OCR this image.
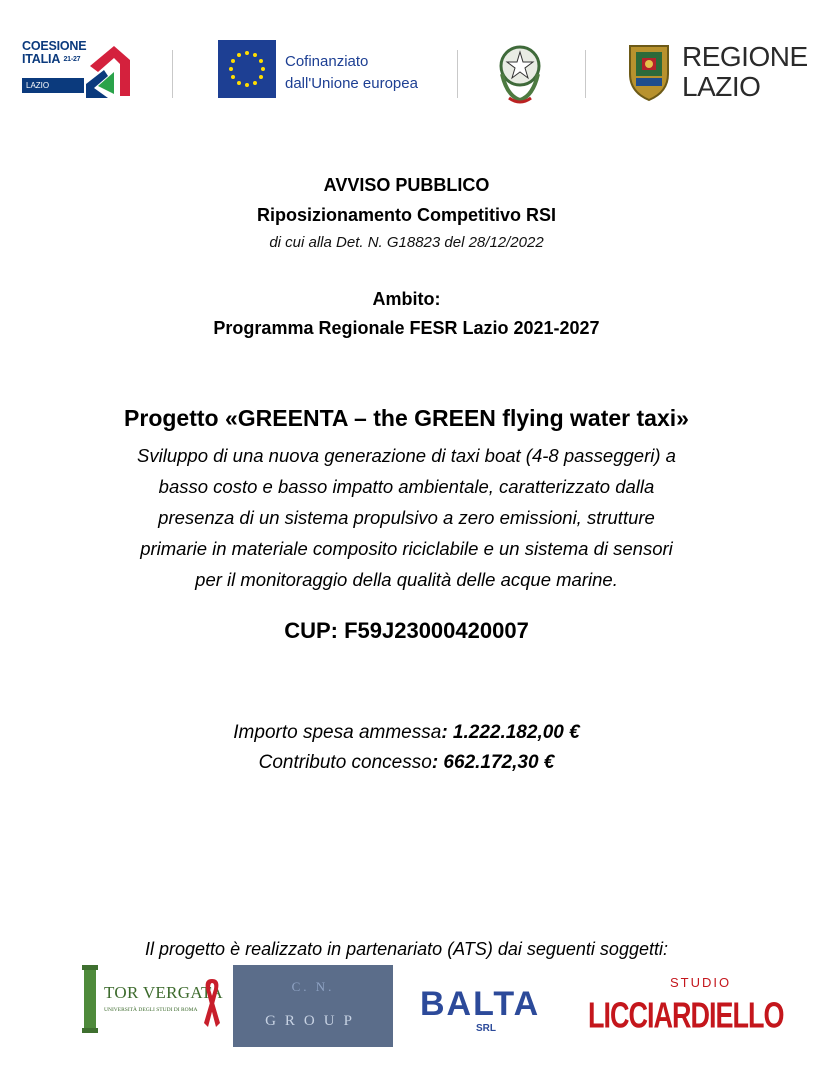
COESIONE
ITALIA $^{21-27}$
LAZIO
Cofinanziato
dall'Unione europea
REGIONE
LAZIO
AVVISO PUBBLICO
Riposizionamento Competitivo RSI
di cui alla Det. N. G18823 del 28/12/2022
Ambito:
Programma Regionale FESR Lazio 2021-2027
Progetto «GREENTA – the GREEN flying water taxi»
Sviluppo di una nuova generazione di taxi boat (4-8 passeggeri) a
basso costo e basso impatto ambientale, caratterizzato dalla
presenza di un sistema propulsivo a zero emissioni, strutture
primarie in materiale composito riciclabile e un sistema di sensori
per il monitoraggio della qualità delle acque marine.
CUP: F59J23000420007
Importo spesa ammessa: 1.222.182,00 €
Contributo concesso: 662.172,30 €
Il progetto è realizzato in partenariato (ATS) dai seguenti soggetti:
TOR VERGATA
UNIVERSITÀ DEGLI STUDI DI ROMA
C. N.
GROUP	BALTA
SRL
STUDIO
LICCIARDIELLO
